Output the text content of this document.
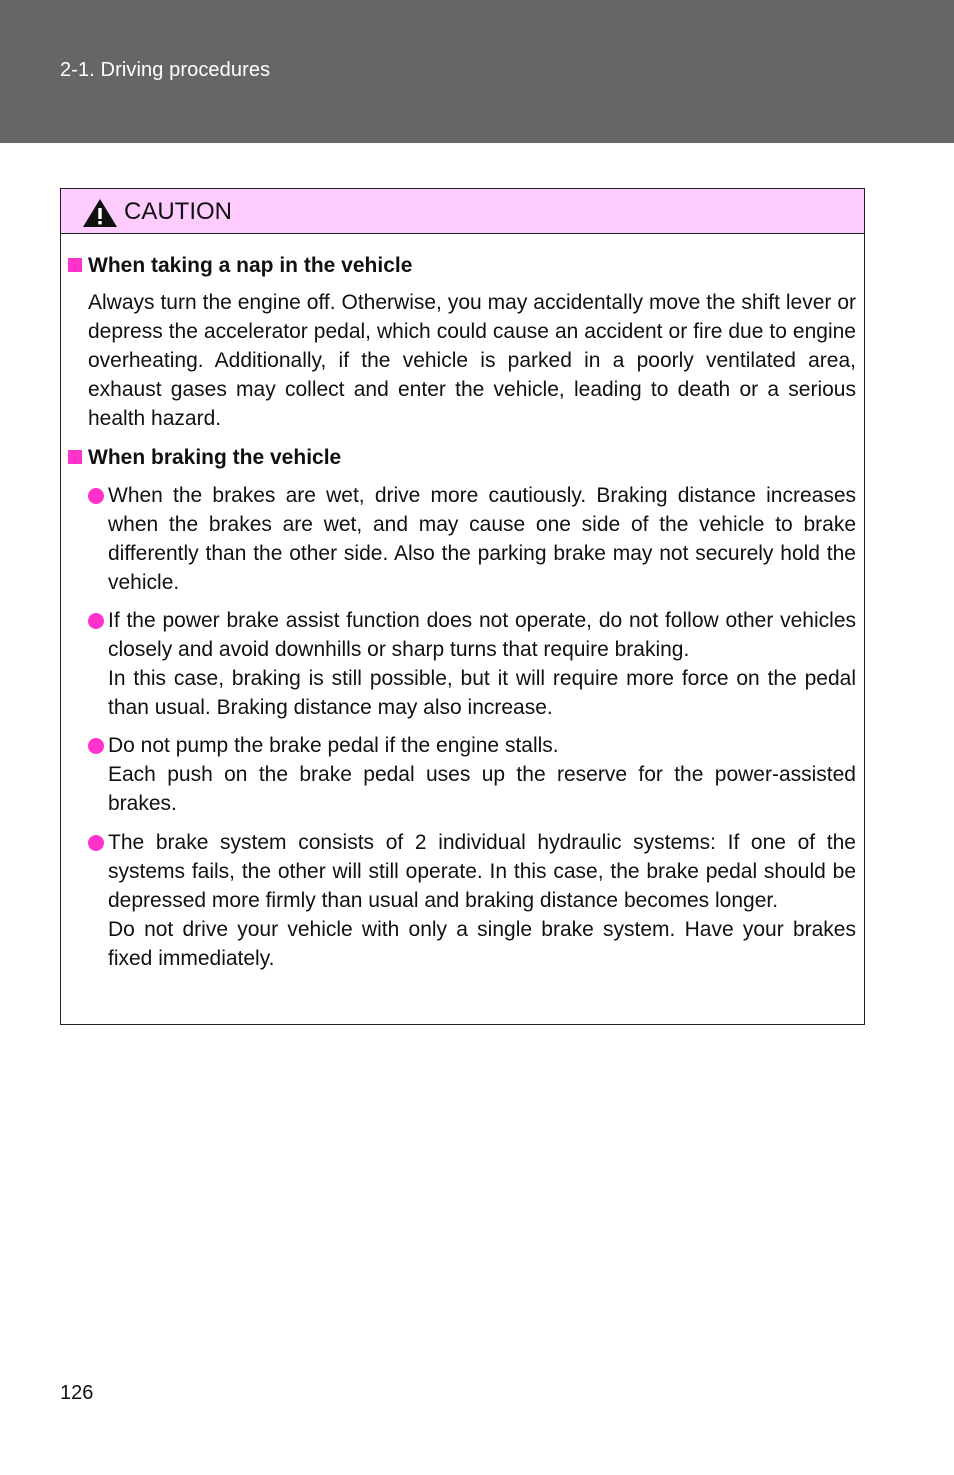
2-1. Driving procedures
CAUTION
When taking a nap in the vehicle
Always turn the engine off. Otherwise, you may accidentally move the shift lever or depress the accelerator pedal, which could cause an accident or fire due to engine overheating. Additionally, if the vehicle is parked in a poorly ventilated area, exhaust gases may collect and enter the vehicle, leading to death or a serious health hazard.
When braking the vehicle

When the brakes are wet, drive more cautiously. Braking distance increases when the brakes are wet, and may cause one side of the vehicle to brake differently than the other side. Also the parking brake may not securely hold the vehicle.

If the power brake assist function does not operate, do not follow other vehicles closely and avoid downhills or sharp turns that require braking.

In this case, braking is still possible, but it will require more force on the pedal than usual. Braking distance may also increase.

Do not pump the brake pedal if the engine stalls.

Each push on the brake pedal uses up the reserve for the power-assisted brakes.

The brake system consists of 2 individual hydraulic systems: If one of the systems fails, the other will still operate. In this case, the brake pedal should be depressed more firmly than usual and braking distance becomes longer.

Do not drive your vehicle with only a single brake system. Have your brakes fixed immediately.

126
